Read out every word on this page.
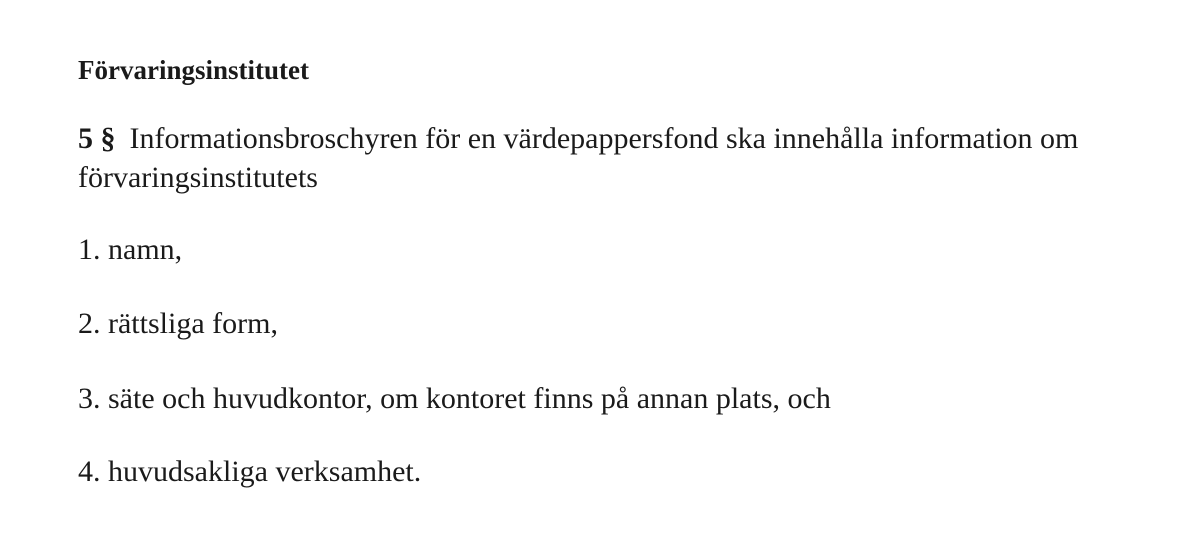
Förvaringsinstitutet
5 § Informationsbroschyren för en värdepappersfond ska innehålla information om förvaringsinstitutets
1. namn,
2. rättsliga form,
3. säte och huvudkontor, om kontoret finns på annan plats, och
4. huvudsakliga verksamhet.
